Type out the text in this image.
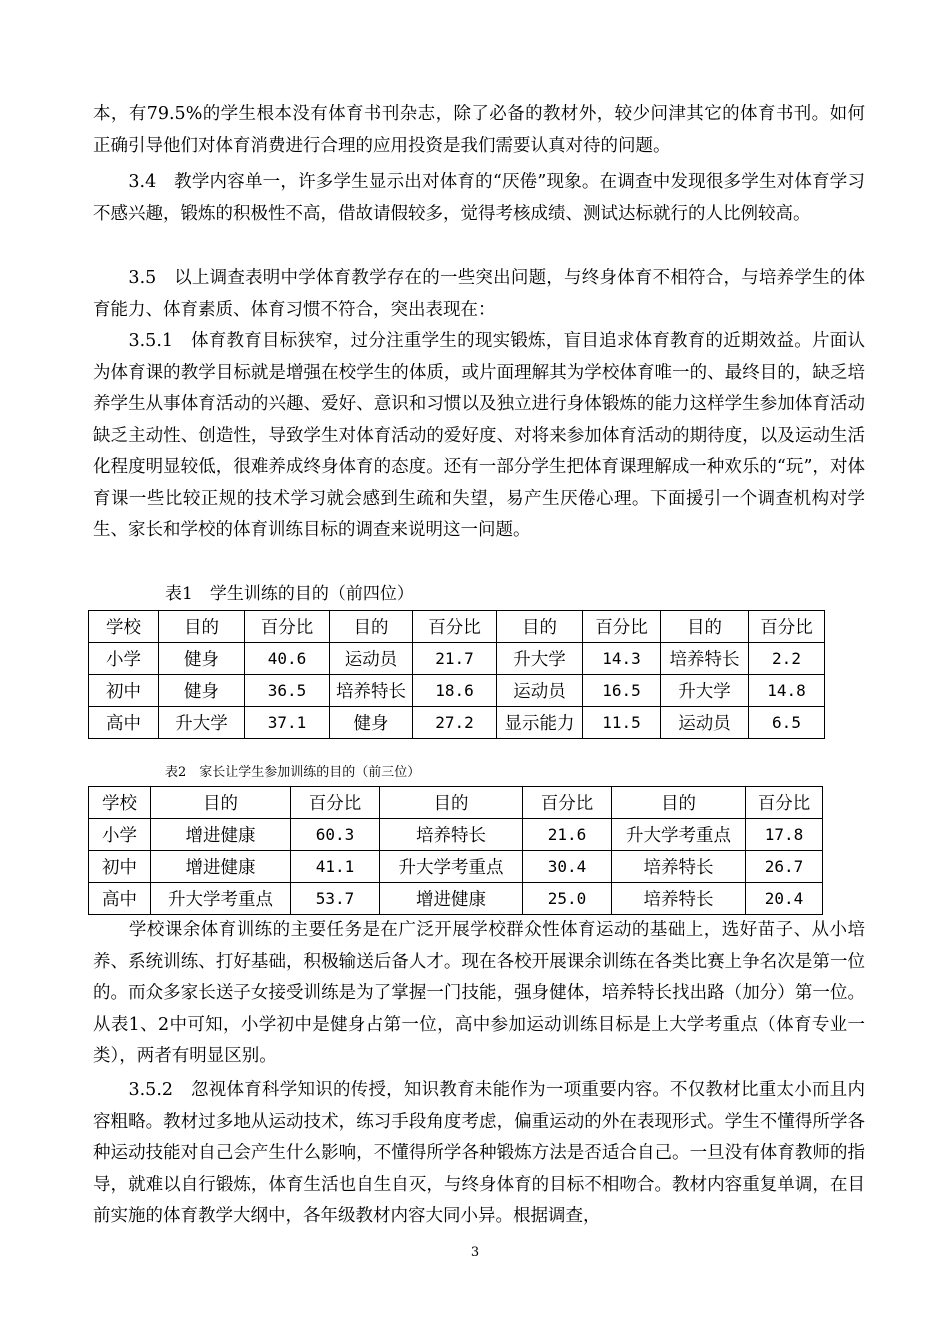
本，有79.5%的学生根本没有体育书刊杂志，除了必备的教材外，较少问津其它的体育书刊。如何正确引导他们对体育消费进行合理的应用投资是我们需要认真对待的问题。

　　3.4　教学内容单一，许多学生显示出对体育的“厌倦”现象。在调查中发现很多学生对体育学习不感兴趣，锻炼的积极性不高，借故请假较多，觉得考核成绩、测试达标就行的人比例较高。

　　3.5　以上调查表明中学体育教学存在的一些突出问题，与终身体育不相符合，与培养学生的体育能力、体育素质、体育习惯不符合，突出表现在：

　　3.5.1　体育教育目标狭窄，过分注重学生的现实锻炼，盲目追求体育教育的近期效益。片面认为体育课的教学目标就是增强在校学生的体质，或片面理解其为学校体育唯一的、最终目的，缺乏培养学生从事体育活动的兴趣、爱好、意识和习惯以及独立进行身体锻炼的能力这样学生参加体育活动缺乏主动性、创造性，导致学生对体育活动的爱好度、对将来参加体育活动的期待度，以及运动生活化程度明显较低，很难养成终身体育的态度。还有一部分学生把体育课理解成一种欢乐的“玩”，对体育课一些比较正规的技术学习就会感到生疏和失望，易产生厌倦心理。下面援引一个调查机构对学生、家长和学校的体育训练目标的调查来说明这一问题。

表1　学生训练的目的（前四位）
学校	目的	百分比	目的	百分比	目的	百分比	目的	百分比
小学	健身	40.6	运动员	21.7	升大学	14.3	培养特长	2.2
初中	健身	36.5	培养特长	18.6	运动员	16.5	升大学	14.8
高中	升大学	37.1	健身	27.2	显示能力	11.5	运动员	6.5
表2　家长让学生参加训练的目的（前三位）
学校	目的	百分比	目的	百分比	目的	百分比
小学	增进健康	60.3	培养特长	21.6	升大学考重点	17.8
初中	增进健康	41.1	升大学考重点	30.4	培养特长	26.7
高中	升大学考重点	53.7	增进健康	25.0	培养特长	20.4

　　学校课余体育训练的主要任务是在广泛开展学校群众性体育运动的基础上，选好苗子、从小培养、系统训练、打好基础，积极输送后备人才。现在各校开展课余训练在各类比赛上争名次是第一位的。而众多家长送子女接受训练是为了掌握一门技能，强身健体，培养特长找出路（加分）第一位。从表1、2中可知，小学初中是健身占第一位，高中参加运动训练目标是上大学考重点（体育专业一类），两者有明显区别。

　　3.5.2　忽视体育科学知识的传授，知识教育未能作为一项重要内容。不仅教材比重太小而且内容粗略。教材过多地从运动技术，练习手段角度考虑，偏重运动的外在表现形式。学生不懂得所学各种运动技能对自己会产生什么影响，不懂得所学各种锻炼方法是否适合自己。一旦没有体育教师的指导，就难以自行锻炼，体育生活也自生自灭，与终身体育的目标不相吻合。教材内容重复单调，在目前实施的体育教学大纲中，各年级教材内容大同小异。根据调查，

3
